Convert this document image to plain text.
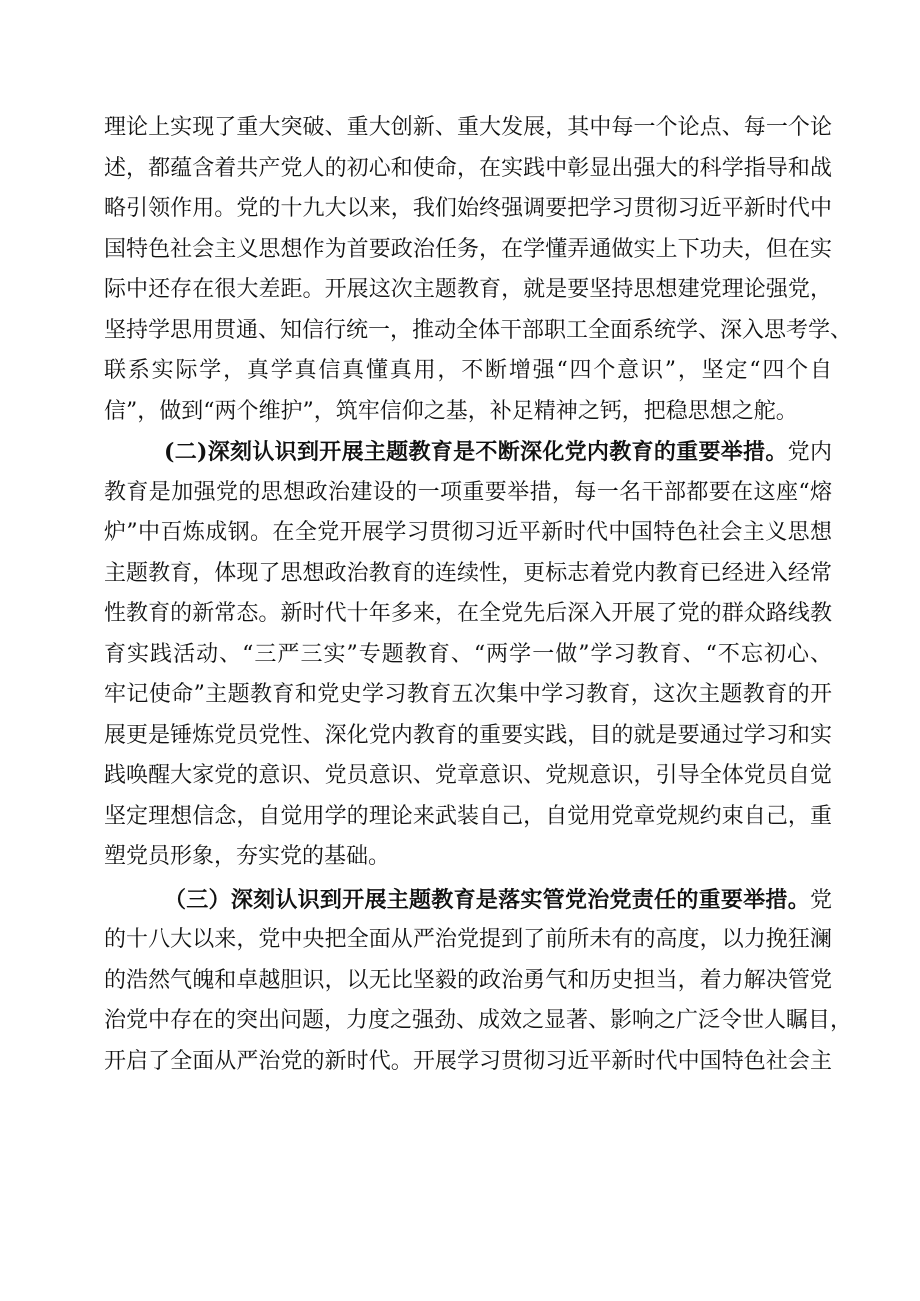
理论上实现了重大突破、重大创新、重大发展，其中每一个论点、每一个论
述，都蕴含着共产党人的初心和使命，在实践中彰显出强大的科学指导和战
略引领作用。党的十九大以来，我们始终强调要把学习贯彻习近平新时代中
国特色社会主义思想作为首要政治任务，在学懂弄通做实上下功夫，但在实
际中还存在很大差距。开展这次主题教育，就是要坚持思想建党理论强党，
坚持学思用贯通、知信行统一，推动全体干部职工全面系统学、深入思考学、
联系实际学，真学真信真懂真用，不断增强“四个意识”，坚定“四个自
信”，做到“两个维护”，筑牢信仰之基，补足精神之钙，把稳思想之舵。
(二)深刻认识到开展主题教育是不断深化党内教育的重要举措。党内
教育是加强党的思想政治建设的一项重要举措，每一名干部都要在这座“熔
炉”中百炼成钢。在全党开展学习贯彻习近平新时代中国特色社会主义思想
主题教育，体现了思想政治教育的连续性，更标志着党内教育已经进入经常
性教育的新常态。新时代十年多来，在全党先后深入开展了党的群众路线教
育实践活动、“三严三实”专题教育、“两学一做”学习教育、“不忘初心、
牢记使命”主题教育和党史学习教育五次集中学习教育，这次主题教育的开
展更是锤炼党员党性、深化党内教育的重要实践，目的就是要通过学习和实
践唤醒大家党的意识、党员意识、党章意识、党规意识，引导全体党员自觉
坚定理想信念，自觉用学的理论来武装自己，自觉用党章党规约束自己，重
塑党员形象，夯实党的基础。
（三）深刻认识到开展主题教育是落实管党治党责任的重要举措。党
的十八大以来，党中央把全面从严治党提到了前所未有的高度，以力挽狂澜
的浩然气魄和卓越胆识，以无比坚毅的政治勇气和历史担当，着力解决管党
治党中存在的突出问题，力度之强劲、成效之显著、影响之广泛令世人瞩目，
开启了全面从严治党的新时代。开展学习贯彻习近平新时代中国特色社会主
